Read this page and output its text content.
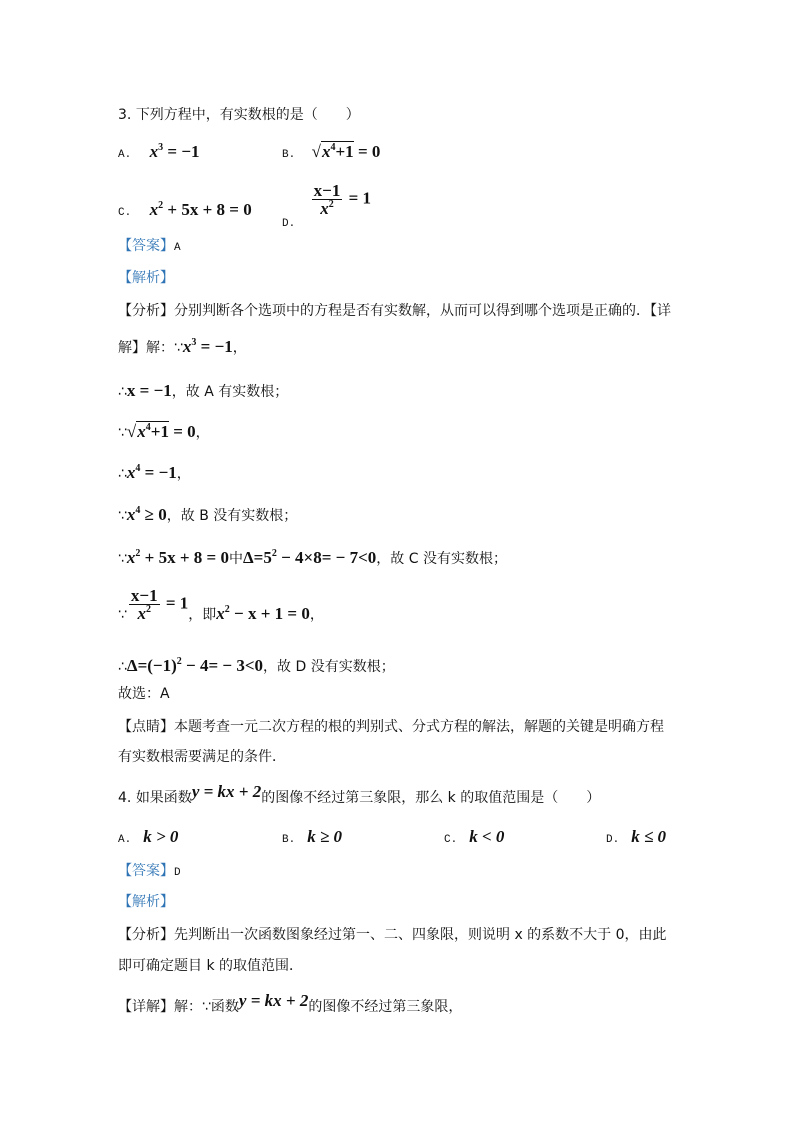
3. 下列方程中，有实数根的是（　　）
A. $x^3 = -1$	B. $√x^4+1 = 0$
C. $x^2 + 5x + 8 = 0$
$_{D.}$
$\frac{x-1}{x^2} = 1$
【答案】A
【解析】
【分析】分别判断各个选项中的方程是否有实数解，从而可以得到哪个选项是正确的．【详
解】解：$\because x^3 = -1$，
∴x = −1，故 A 有实数根；
$\because√x^4+1 = 0$，
$\therefore x^4 = -1$，
$\because x^4 \ge 0$，故 B 没有实数根；
$\because x^2 + 5x + 8 = 0$中$\Delta=5^2 - 4\times 8= - 7<0$，故 C 没有实数根；
∵ $\frac{x-1}{x^2} = 1$，即$x^2 - x + 1 = 0$，
$\therefore\Delta=(-1)^2 - 4= - 3<0$，故 D 没有实数根；
故选：A
【点睛】本题考查一元二次方程的根的判别式、分式方程的解法，解题的关键是明确方程
有实数根需要满足的条件．
4. 如果函数y = kx + 2的图像不经过第三象限，那么 k 的取值范围是（　　）
A. k > 0	B. k ≥ 0	C. k < 0	D. k ≤ 0
【答案】D
【解析】
【分析】先判断出一次函数图象经过第一、二、四象限，则说明 x 的系数不大于 0，由此
即可确定题目 k 的取值范围．
【详解】解：∵函数y = kx + 2的图像不经过第三象限，
